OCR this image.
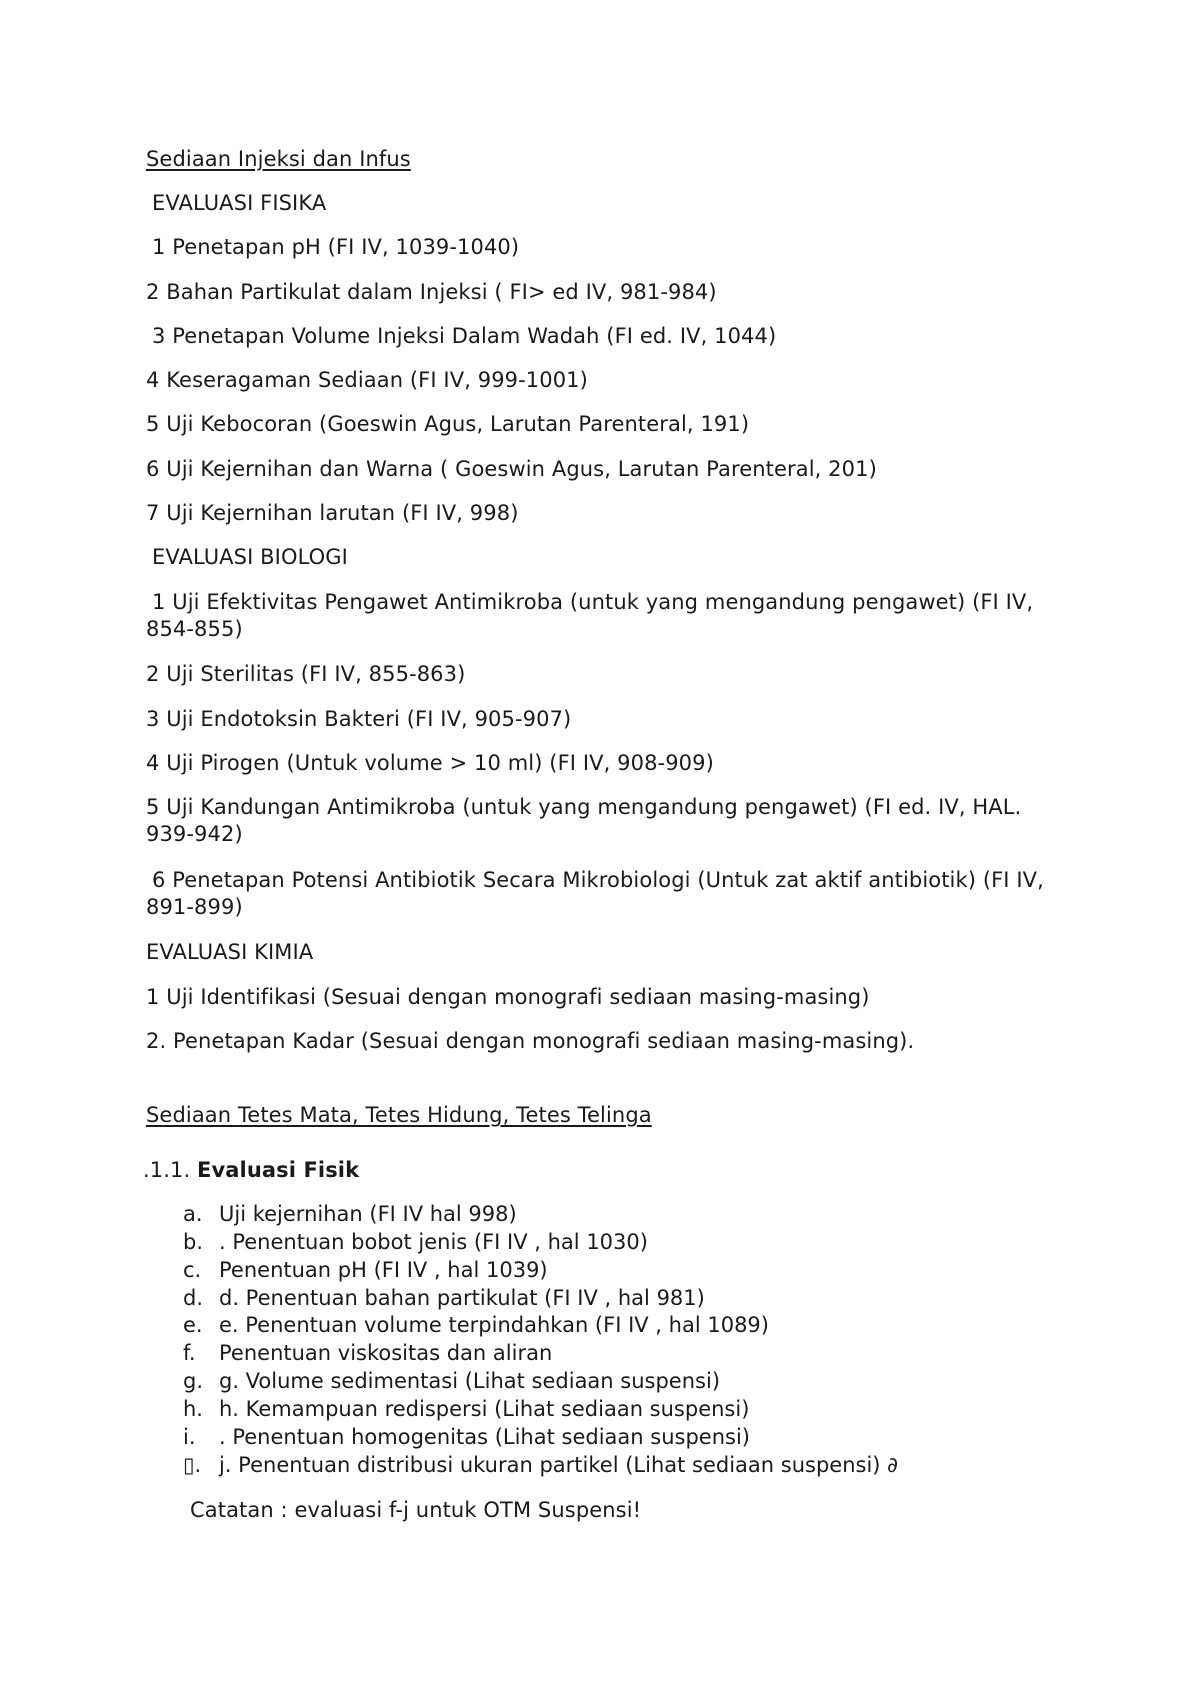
Sediaan Injeksi dan Infus
EVALUASI FISIKA
1 Penetapan pH (FI IV, 1039-1040)
2 Bahan Partikulat dalam Injeksi ( FI> ed IV, 981-984)
3 Penetapan Volume Injeksi Dalam Wadah (FI ed. IV, 1044)
4 Keseragaman Sediaan (FI IV, 999-1001)
5 Uji Kebocoran (Goeswin Agus, Larutan Parenteral, 191)
6 Uji Kejernihan dan Warna ( Goeswin Agus, Larutan Parenteral, 201)
7 Uji Kejernihan larutan (FI IV, 998)
EVALUASI BIOLOGI
1 Uji Efektivitas Pengawet Antimikroba (untuk yang mengandung pengawet) (FI IV, 854-855)
2 Uji Sterilitas (FI IV, 855-863)
3 Uji Endotoksin Bakteri (FI IV, 905-907)
4 Uji Pirogen (Untuk volume > 10 ml) (FI IV, 908-909)
5 Uji Kandungan Antimikroba (untuk yang mengandung pengawet) (FI ed. IV, HAL. 939-942)
6 Penetapan Potensi Antibiotik Secara Mikrobiologi (Untuk zat aktif antibiotik) (FI IV, 891-899)
EVALUASI KIMIA
1 Uji Identifikasi (Sesuai dengan monografi sediaan masing-masing)
2. Penetapan Kadar (Sesuai dengan monografi sediaan masing-masing).
Sediaan Tetes Mata, Tetes Hidung, Tetes Telinga
.1.1. Evaluasi Fisik
a. Uji kejernihan (FI IV hal 998)
b. . Penentuan bobot jenis (FI IV , hal 1030)
c.Penentuan pH (FI IV , hal 1039)
d. d. Penentuan bahan partikulat (FI IV , hal 981)
e.e. Penentuan volume terpindahkan (FI IV , hal 1089)
f. Penentuan viskositas dan aliran
g.g. Volume sedimentasi (Lihat sediaan suspensi)
h. h. Kemampuan redispersi (Lihat sediaan suspensi)
i. . Penentuan homogenitas (Lihat sediaan suspensi)
▯.j. Penentuan distribusi ukuran partikel (Lihat sediaan suspensi) ∂
Catatan : evaluasi f-j untuk OTM Suspensi!
